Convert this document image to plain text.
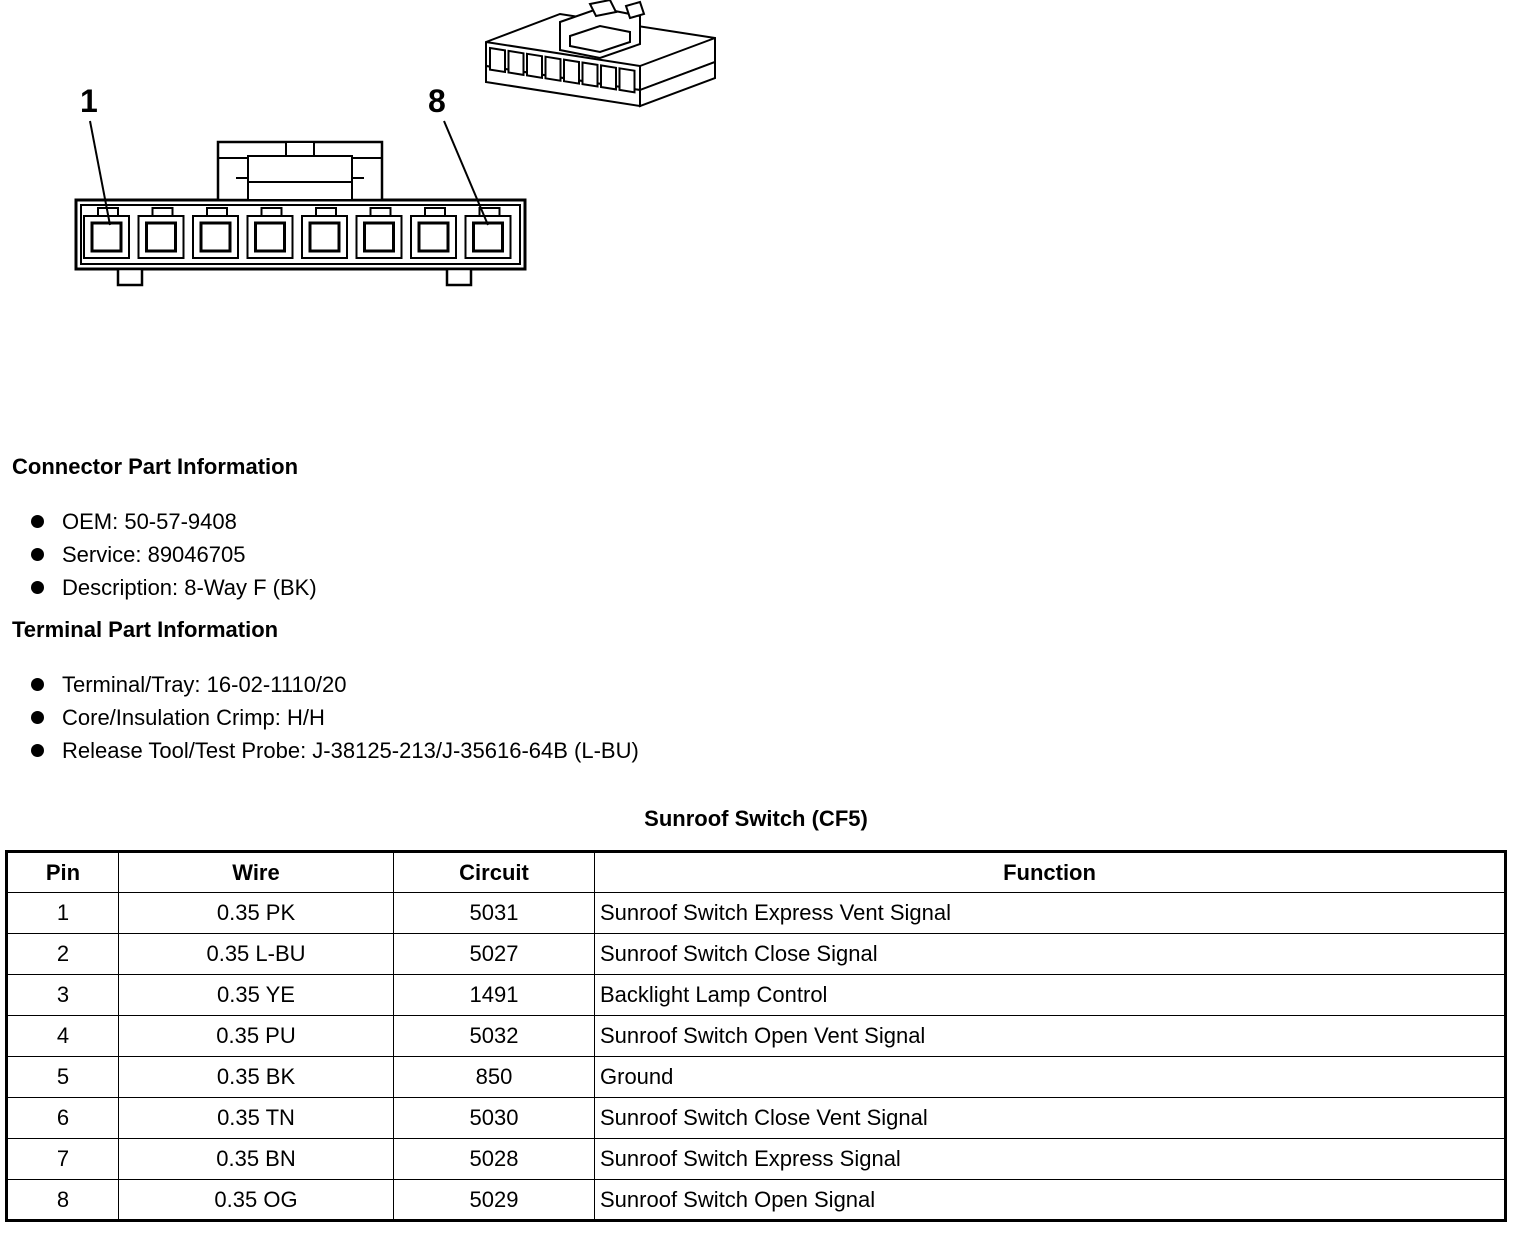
1	8
Connector Part Information
OEM: 50-57-9408
Service: 89046705
Description: 8-Way F (BK)
Terminal Part Information
Terminal/Tray: 16-02-1110/20
Core/Insulation Crimp: H/H
Release Tool/Test Probe: J-38125-213/J-35616-64B (L-BU)
Sunroof Switch (CF5)
Pin	Wire	Circuit	Function
1	0.35 PK	5031	Sunroof Switch Express Vent Signal
2	0.35 L-BU	5027	Sunroof Switch Close Signal
3	0.35 YE	1491	Backlight Lamp Control
4	0.35 PU	5032	Sunroof Switch Open Vent Signal
5	0.35 BK	850	Ground
6	0.35 TN	5030	Sunroof Switch Close Vent Signal
7	0.35 BN	5028	Sunroof Switch Express Signal
8	0.35 OG	5029	Sunroof Switch Open Signal
